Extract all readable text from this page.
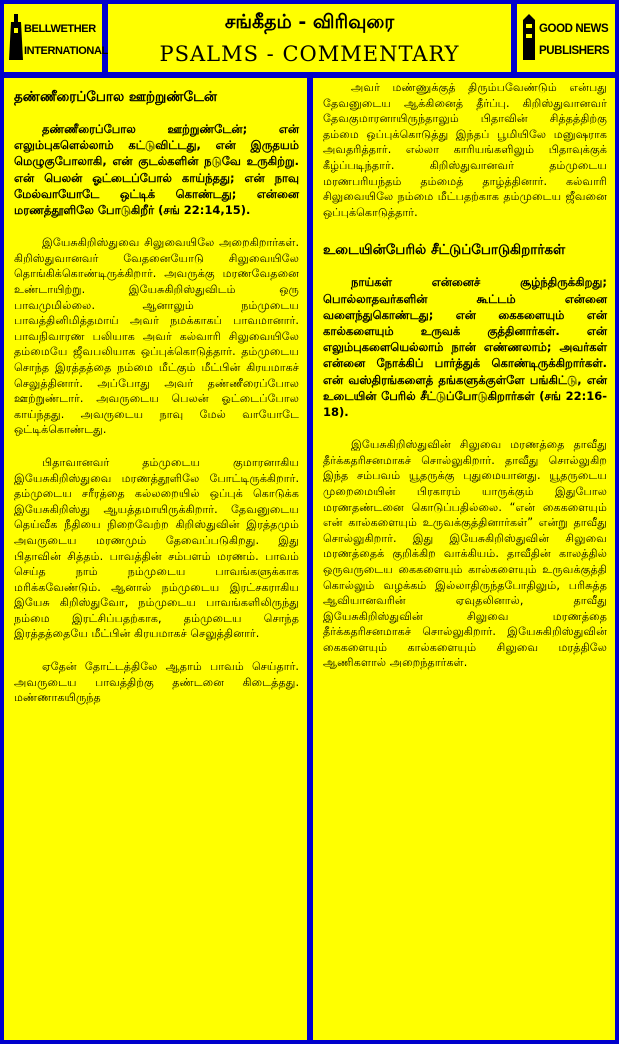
BELLWETHER
INTERNATIONAL
சங்கீதம் - விரிவுரை
PSALMS - COMMENTARY
GOOD NEWS
PUBLISHERS
தண்ணீரைப்போல ஊற்றுண்டேன்

தண்ணீரைப்போல ஊற்றுண்டேன்; என் எலும்புகளெல்லாம் கட்டுவிட்டது, என் இருதயம் மெழுகுபோலாகி, என் குடல்களின் நடுவே உருகிற்று. என் பெலன் ஓட்டைப்போல் காய்ந்தது; என் நாவு மேல்வாயோடே ஒட்டிக் கொண்டது; என்னை மரணத்தூளிலே போடுகிறீர் (சங் 22:14,15).

இயேசுகிறிஸ்துவை சிலுவையிலே அறைகிறார்கள். கிறிஸ்துவானவர் வேதனையோடு சிலுவையிலே தொங்கிக்கொண்டிருக்கிறார். அவருக்கு மரணவேதனை உண்டாயிற்று. இயேசுகிறிஸ்துவிடம் ஒரு பாவமுமில்லை. ஆனாலும் நம்முடைய பாவத்தினிமித்தமாய் அவர் நமக்காகப் பாவமானார். பாவநிவாரண பலியாக அவர் கல்வாரி சிலுவையிலே தம்மையே ஜீவபலியாக ஒப்புக்கொடுத்தார். தம்முடைய சொந்த இரத்தத்தை நம்மை மீட்கும் மீட்பின் கிரயமாகச் செலுத்தினார். அப்போது அவர் தண்ணீரைப்போல ஊற்றுண்டார். அவருடைய பெலன் ஓட்டைப்போல காய்ந்தது. அவருடைய நாவு மேல் வாயோடே ஒட்டிக்கொண்டது.

பிதாவானவர் தம்முடைய குமாரனாகிய இயேசுகிறிஸ்துவை மரணத்தூளிலே போட்டிருக்கிறார். தம்முடைய சரீரத்தை கல்லறையில் ஒப்புக் கொடுக்க இயேசுகிறிஸ்து ஆயத்தமாயிருக்கிறார். தேவனுடைய தெய்வீக நீதியை நிறைவேற்ற கிறிஸ்துவின் இரத்தமும் அவருடைய மரணமும் தேவைப்படுகிறது. இது பிதாவின் சித்தம். பாவத்தின் சம்பளம் மரணம். பாவம் செய்த நாம் நம்முடைய பாவங்களுக்காக மரிக்கவேண்டும். ஆனால் நம்முடைய இரட்சகராகிய இயேசு கிறிஸ்துவோ, நம்முடைய பாவங்களிலிருந்து நம்மை இரட்சிப்பதற்காக, தம்முடைய சொந்த இரத்தத்தையே மீட்பின் கிரயமாகச் செலுத்தினார்.

ஏதேன் தோட்டத்திலே ஆதாம் பாவம் செய்தார். அவருடைய பாவத்திற்கு தண்டனை கிடைத்தது. மண்ணாகயிருந்த

அவர் மண்ணுக்குத் திரும்பவேண்டும் என்பது தேவனுடைய ஆக்கினைத் தீர்ப்பு. கிறிஸ்துவானவர் தேவகுமாரனாயிருந்தாலும் பிதாவின் சித்தத்திற்கு தம்மை ஒப்புக்கொடுத்து இந்தப் பூமியிலே மனுஷராக அவதரித்தார். எல்லா காரியங்களிலும் பிதாவுக்குக் கீழ்ப்படிந்தார். கிறிஸ்துவானவர் தம்முடைய மரணபரியந்தம் தம்மைத் தாழ்த்தினார். கல்வாரி சிலுவையிலே நம்மை மீட்பதற்காக தம்முடைய ஜீவனை ஒப்புக்கொடுத்தார்.

உடையின்பேரில் சீட்டுப்போடுகிறார்கள்

நாய்கள் என்னைச் சூழ்ந்திருக்கிறது; பொல்லாதவர்களின் கூட்டம் என்னை வளைந்துகொண்டது; என் கைகளையும் என் கால்களையும் உருவக் குத்தினார்கள். என் எலும்புகளையெல்லாம் நான் எண்ணலாம்; அவர்கள் என்னை நோக்கிப் பார்த்துக் கொண்டிருக்கிறார்கள். என் வஸ்திரங்களைத் தங்களுக்குள்ளே பங்கிட்டு, என் உடையின் பேரில் சீட்டுப்போடுகிறார்கள் (சங் 22:16-18).

இயேசுகிறிஸ்துவின் சிலுவை மரணத்தை தாவீது தீர்க்கதரிசனமாகச் சொல்லுகிறார். தாவீது சொல்லுகிற இந்த சம்பவம் யூதருக்கு புதுமையானது. யூதருடைய முறைமையின் பிரகாரம் யாருக்கும் இதுபோல மரணதண்டனை கொடுப்பதில்லை. “என் கைகளையும் என் கால்களையும் உருவக்குத்தினார்கள்” என்று தாவீது சொல்லுகிறார். இது இயேசுகிறிஸ்துவின் சிலுவை மரணத்தைக் குறிக்கிற வாக்கியம். தாவீதின் காலத்தில் ஒருவருடைய கைகளையும் கால்களையும் உருவக்குத்தி கொல்லும் வழக்கம் இல்லாதிருந்தபோதிலும், பரிசுத்த ஆவியானவரின் ஏவுதலினால், தாவீது இயேசுகிறிஸ்துவின் சிலுவை மரணத்தை தீர்க்கதரிசனமாகச் சொல்லுகிறார். இயேசுகிறிஸ்துவின் கைகளையும் கால்களையும் சிலுவை மரத்திலே ஆணிகளால் அறைந்தார்கள்.
